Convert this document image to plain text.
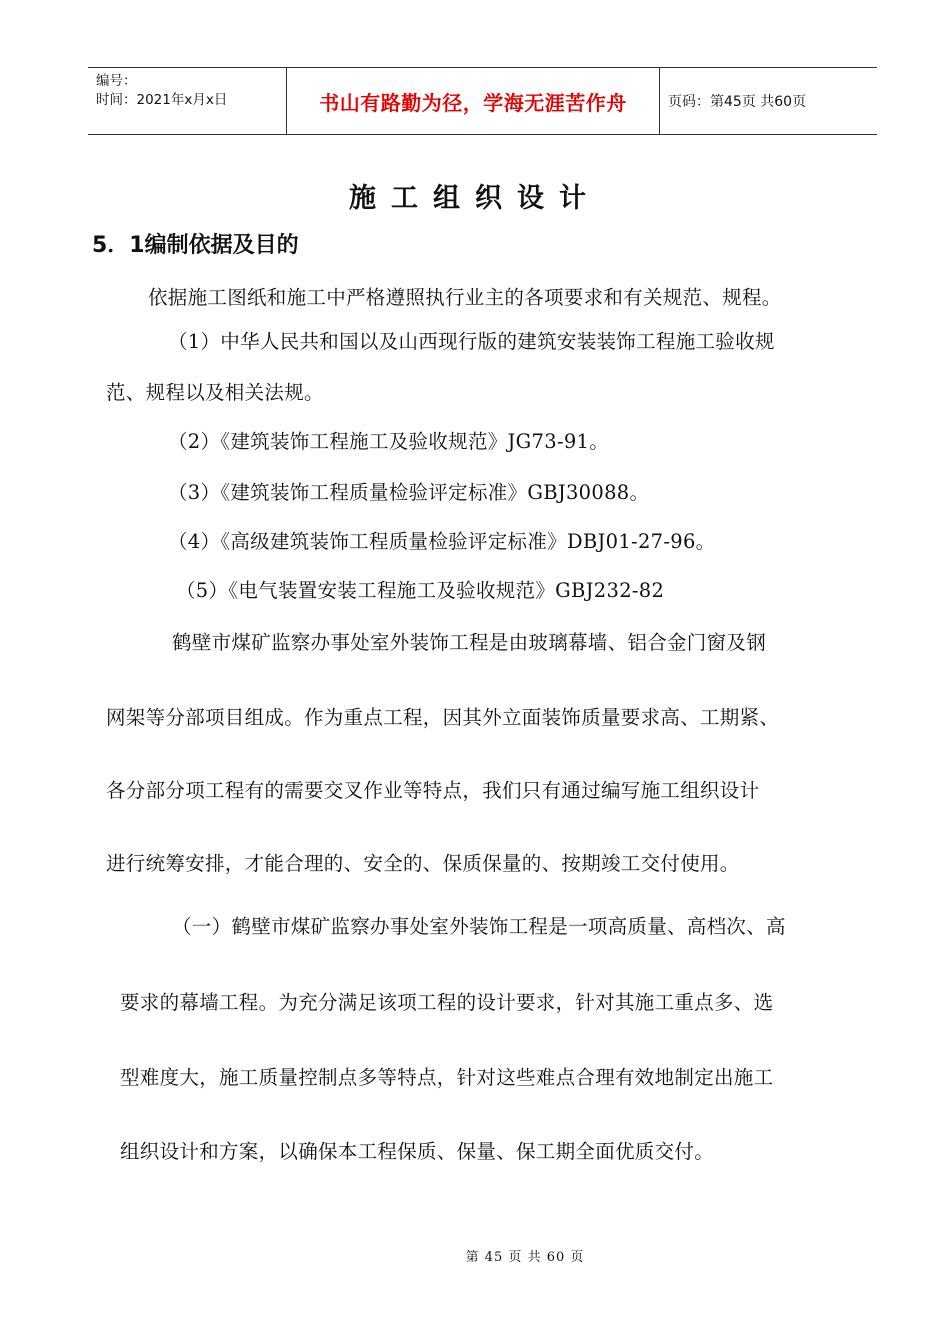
编号：
时间：2021年x月x日	书山有路勤为径，学海无涯苦作舟	页码：第45页 共60页
施工组织设计
5．1编制依据及目的
依据施工图纸和施工中严格遵照执行业主的各项要求和有关规范、规程。
（1）中华人民共和国以及山西现行版的建筑安装装饰工程施工验收规
范、规程以及相关法规。
（2）《建筑装饰工程施工及验收规范》JG73-91。
（3）《建筑装饰工程质量检验评定标准》GBJ30088。
（4）《高级建筑装饰工程质量检验评定标准》DBJ01-27-96。
（5）《电气装置安装工程施工及验收规范》GBJ232-82
鹤壁市煤矿监察办事处室外装饰工程是由玻璃幕墙、铝合金门窗及钢
网架等分部项目组成。作为重点工程，因其外立面装饰质量要求高、工期紧、
各分部分项工程有的需要交叉作业等特点，我们只有通过编写施工组织设计
进行统筹安排，才能合理的、安全的、保质保量的、按期竣工交付使用。
（一）鹤壁市煤矿监察办事处室外装饰工程是一项高质量、高档次、高
要求的幕墙工程。为充分满足该项工程的设计要求，针对其施工重点多、选
型难度大，施工质量控制点多等特点，针对这些难点合理有效地制定出施工
组织设计和方案，以确保本工程保质、保量、保工期全面优质交付。
第 45 页 共 60 页
